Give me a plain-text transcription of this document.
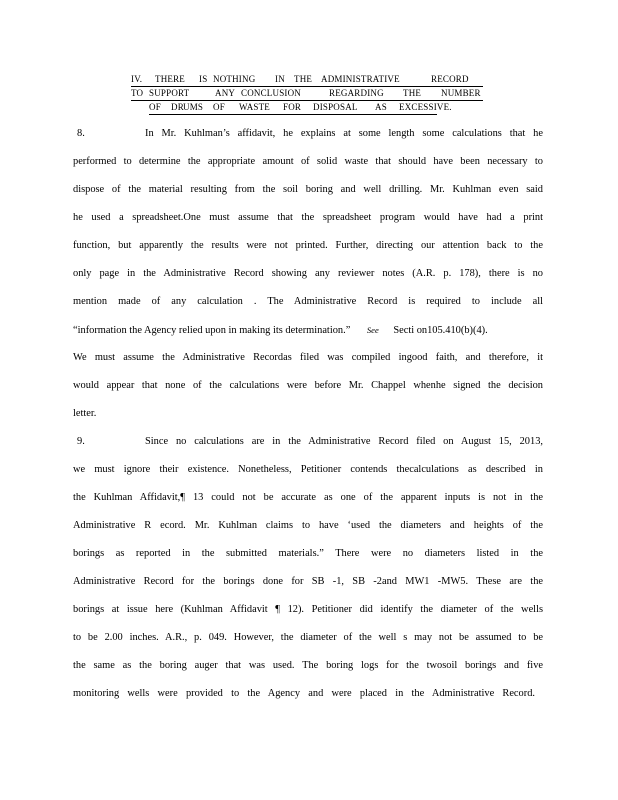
IV. THERE IS NOTHING IN THE ADMINISTRATIVE	RECORD
TO SUPPORT	ANY CONCLUSION	REGARDING THE NUMBER
OF DR UMS OF WASTE FOR DISPOSAL AS EXCESSIVE.
8.	In Mr. Kuhlman’s affidavit, he explains at some length some calculations that he
performed to determine the appropriate amount of solid waste that should have been necessary to
dispose of the material resulting from the soil boring and well drilling. Mr. Kuhlman even said
he used a spreadsheet.One must assume that the spreadsheet program would have had a print
function, but apparently the results were not printed. Further, directing our attention back to the
only page in the Administrative Record showing any reviewer notes (A.R. p. 178), there is no
mention made of any calculation . The Administrative Record is required to include all
“information the Agency relied upon in making its determination.” See Secti on105.410(b)(4).
We must assume the Administrative Recordas filed was compiled ingood faith, and therefore, it
would appear that none of the calculations were before Mr. Chappel whenhe signed the decision
letter.
9.	Since no calculations are in the Administrative Record filed on August 15, 2013,
we must ignore their existence. Nonetheless, Petitioner contends thecalculations as described in
the Kuhlman Affidavit,¶ 13 could not be accurate as one of the apparent inputs is not in the
Administrative R ecord. Mr. Kuhlman claims to have ‘used the diameters and heights of the
borings as reported in the submitted materials.” There were no diameters listed in the
Administrative Record for the borings done for SB -1, SB -2and MW1 -MW5. These are the
borings at issue here (Kuhlman Affidavit ¶ 12). Petitioner did identify the diameter of the wells
to be 2.00 inches. A.R., p. 049. However, the diameter of the well s may not be assumed to be
the same as the boring auger that was used. The boring logs for the twosoil borings and five
monitoring wells were provided to the Agency and were placed in the Administrative Record.
